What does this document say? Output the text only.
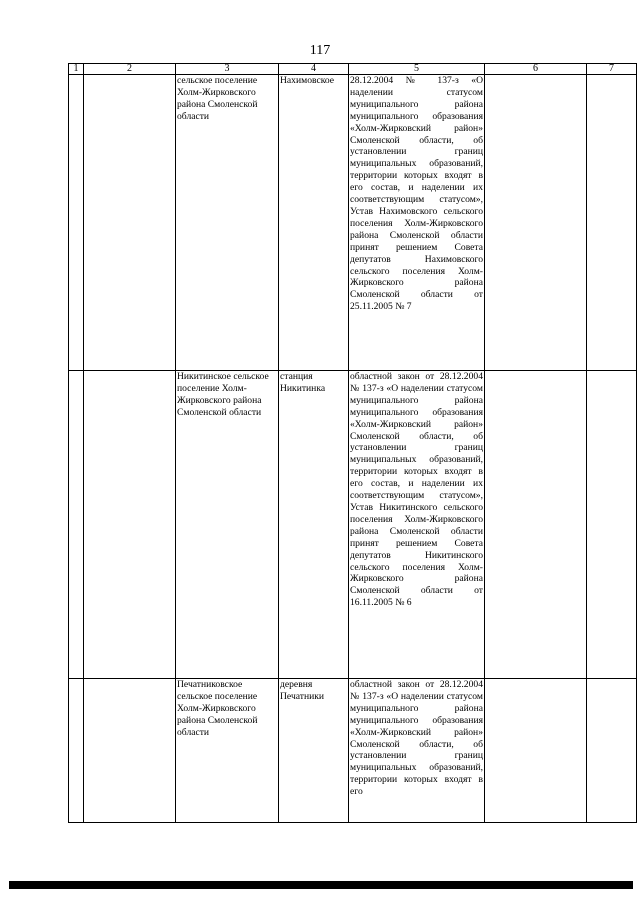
117
1	2	3	4	5	6	7
		сельское поселение Холм-Жирковского района Смоленской области	Нахимовское	28.12.2004 № 137-з «О наделении статусом муниципального района муниципального образования «Холм-Жирковский район» Смоленской области, об установлении границ муниципальных образований, территории которых входят в его состав, и наделении их соответствующим статусом», Устав Нахимовского сельского поселения Холм-Жирковского района Смоленской области принят решением Совета депутатов Нахимовского сельского поселения Холм-Жирковского района Смоленской области от 25.11.2005 № 7		
		Никитинское сельское поселение Холм-Жирковского района Смоленской области	станция Никитинка	областной закон от 28.12.2004 № 137-з «О наделении статусом муниципального района муниципального образования «Холм-Жирковский район» Смоленской области, об установлении границ муниципальных образований, территории которых входят в его состав, и наделении их соответствующим статусом», Устав Никитинского сельского поселения Холм-Жирковского района Смоленской области принят решением Совета депутатов Никитинского сельского поселения Холм-Жирковского района Смоленской области от 16.11.2005 № 6		
		Печатниковское сельское поселение Холм-Жирковского района Смоленской области	деревня Печатники	областной закон от 28.12.2004 № 137-з «О наделении статусом муниципального района муниципального образования «Холм-Жирковский район» Смоленской области, об установлении границ муниципальных образований, территории которых входят в его		
